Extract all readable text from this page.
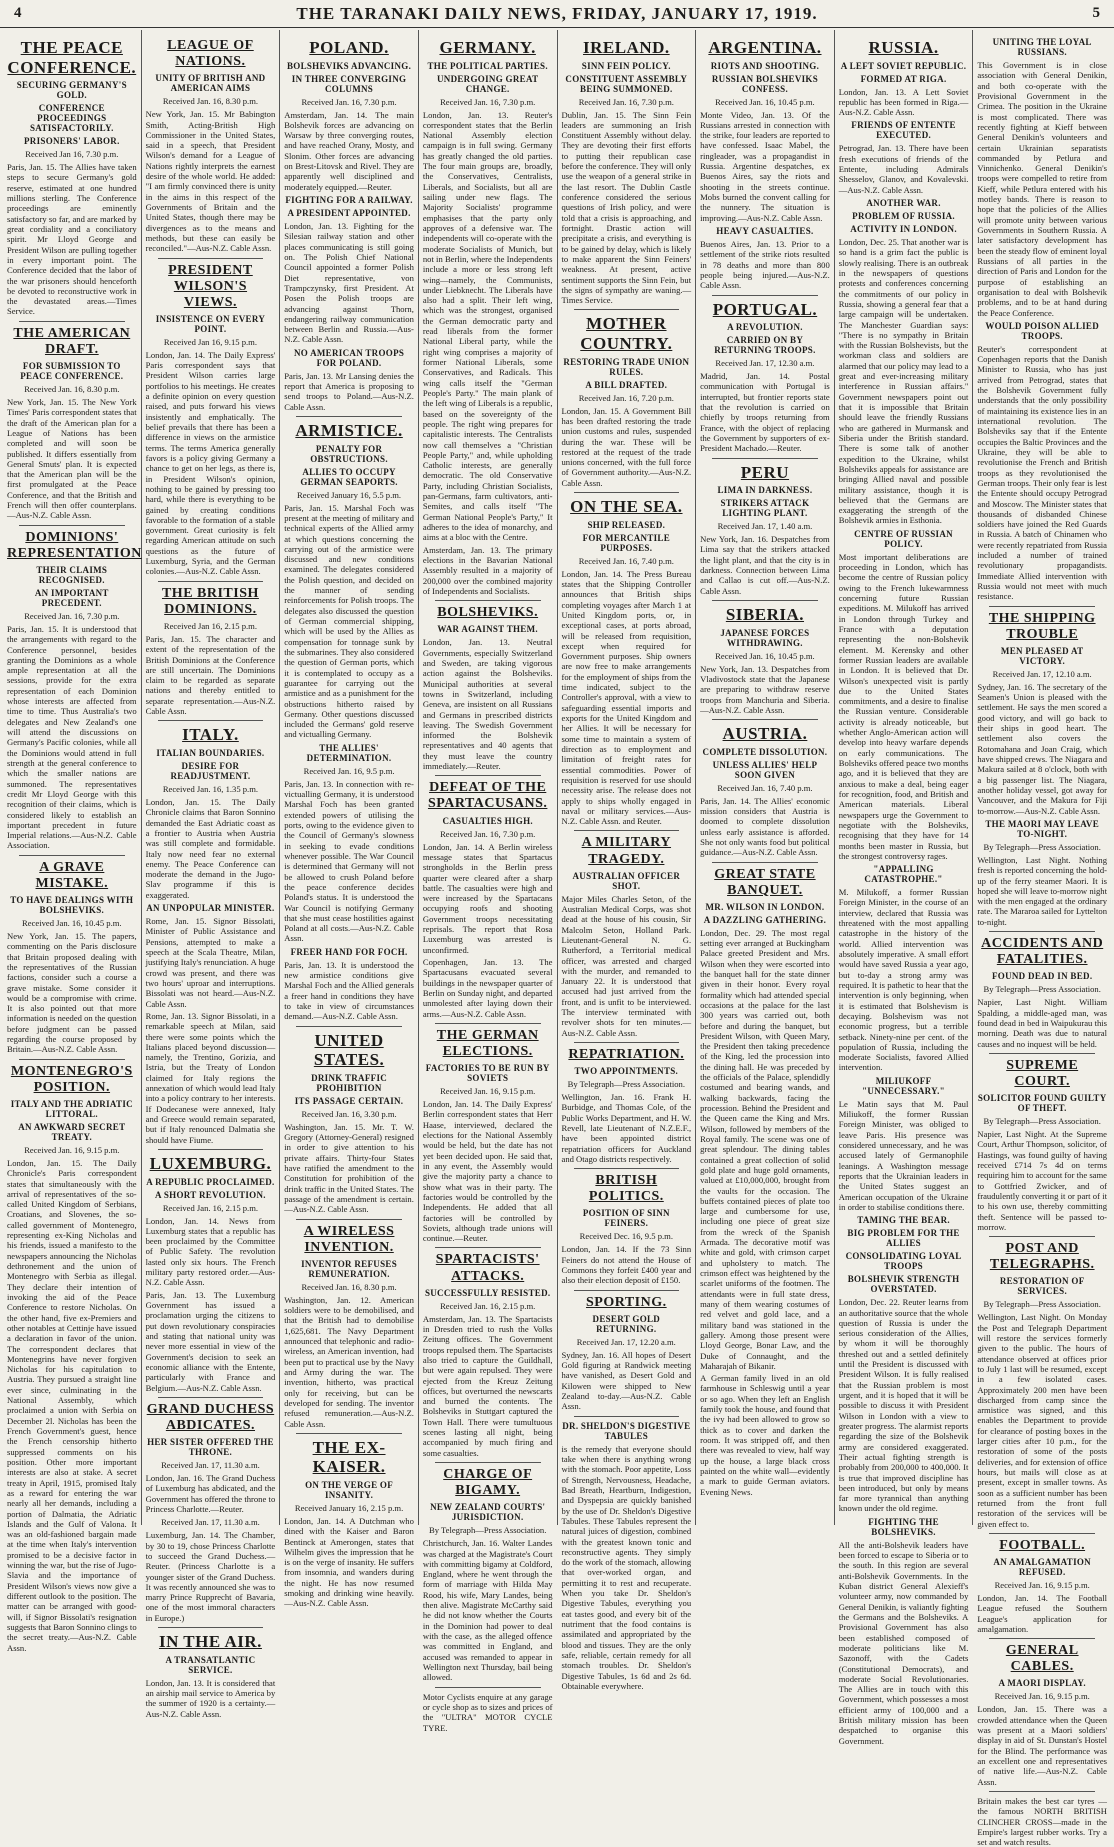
4	THE TARANAKI DAILY NEWS, FRIDAY, JANUARY 17, 1919.	5
THE PEACE CONFERENCE.
SECURING GERMANY'S GOLD.
CONFERENCE PROCEEDINGS SATISFACTORILY.
PRISONERS' LABOR.
Received Jan 16, 7.30 p.m.

Paris, Jan. 15. The Allies have taken steps to secure Germany's gold reserve, estimated at one hundred millions sterling. The Conference proceedings are eminently satisfactory so far, and are marked by great cordiality and a conciliatory spirit. Mr Lloyd George and President Wilson are pulling together in every important point. The Conference decided that the labor of the war prisoners should henceforth be devoted to reconstructive work in the devastated areas.—Times Service.

THE AMERICAN DRAFT.
FOR SUBMISSION TO PEACE CONFERENCE.
Received Jan. 16, 8.30 p.m.

New York, Jan. 15. The New York Times' Paris correspondent states that the draft of the American plan for a League of Nations has been completed and will soon be published. It differs essentially from General Smuts' plan. It is expected that the American plan will be the first promulgated at the Peace Conference, and that the British and French will then offer counterplans.—Aus-N.Z. Cable Assn.

DOMINIONS' REPRESENTATION
THEIR CLAIMS RECOGNISED.
AN IMPORTANT PRECEDENT.
Received Jan. 16, 7.30 p.m.

Paris, Jan. 15. It is understood that the arrangements with regard to the Conference personnel, besides granting the Dominions as a whole ample representation at all the sessions, provide for the extra representation of each Dominion whose interests are affected from time to time. Thus Australia's two delegates and New Zealand's one will attend the discussions on Germany's Pacific colonies, while all the Dominions would attend in full strength at the general conference to which the smaller nations are summoned. The representatives credit Mr Lloyd George with this recognition of their claims, which is considered likely to establish an important precedent in future Imperial relations.—Aus-N.Z. Cable Association.

A GRAVE MISTAKE.
TO HAVE DEALINGS WITH BOLSHEVIKS.
Received Jan. 16, 10.45 p.m.

New York, Jan. 15. The papers, commenting on the Paris disclosure that Britain proposed dealing with the representatives of the Russian factions, consider such a course a grave mistake. Some consider it would be a compromise with crime. It is also pointed out that more information is needed on the question before judgment can be passed regarding the course proposed by Britain.—Aus-N.Z. Cable Assn.

MONTENEGRO'S POSITION.
ITALY AND THE ADRIATIC LITTORAL.
AN AWKWARD SECRET TREATY.
Received Jan. 16, 9.15 p.m.

London, Jan. 15. The Daily Chronicle's Paris correspondent states that simultaneously with the arrival of representatives of the so-called United Kingdom of Serbians, Croatians, and Slovenes, the so-called government of Montenegro, representing ex-King Nicholas and his friends, issued a manifesto to the newspapers announcing the Nicholas dethronement and the union of Montenegro with Serbia as illegal. They declare their intention of invoking the aid of the Peace Conference to restore Nicholas. On the other hand, five ex-Premiers and other notables at Cettinje have issued a declaration in favor of the union. The correspondent declares that Montenegrins have never forgiven Nicholas for his capitulation to Austria. They pursued a straight line ever since, culminating in the National Assembly, which proclaimed a union with Serbia on December 2l. Nicholas has been the French Government's guest, hence the French censorship hitherto suppressed comments on his position. Other more important interests are also at stake. A secret treaty in April, 1915, promised Italy as a reward for entering the war nearly all her demands, including a portion of Dalmatia, the Adriatic Islands and the Gulf of Valona. It was an old-fashioned bargain made at the time when Italy's intervention promised to be a decisive factor in winning the war, but the rise of Jugo-Slavia and the importance of President Wilson's views now give a different outlook to the position. The matter can be arranged with good-will, if Signor Bissolati's resignation suggests that Baron Sonnino clings to the secret treaty.—Aus-N.Z. Cable Assn.

LEAGUE OF NATIONS.
UNITY OF BRITISH AND AMERICAN AIMS
Received Jan. 16, 8.30 p.m.

New York, Jan. 15. Mr Babington Smith, Acting-British High Commissioner in the United States, said in a speech, that President Wilson's demand for a League of Nations rightly interprets the earnest desire of the whole world. He added: "I am firmly convinced there is unity in the aims in this respect of the Governments of Britain and the United States, though there may be divergences as to the means and methods, but these can easily be reconciled."—Aus-N.Z. Cable Assn.

PRESIDENT WILSON'S VIEWS.
INSISTENCE ON EVERY POINT.
Received Jan 16, 9.15 p.m.

London, Jan. 14. The Daily Express' Paris correspondent says that President Wilson carries large portfolios to his meetings. He creates a definite opinion on every question raised, and puts forward his views insistently and emphatically. The belief prevails that there has been a difference in views on the armistice terms. The terms America generally favors is a policy giving Germany a chance to get on her legs, as there is, in President Wilson's opinion, nothing to be gained by pressing too hard, while there is everything to be gained by creating conditions favorable to the formation of a stable government. Great curiosity is felt regarding American attitude on such questions as the future of Luxemburg, Syria, and the German colonies.—Aus-N.Z. Cable Assn.

THE BRITISH DOMINIONS.
Received Jan 16, 2.15 p.m.

Paris, Jan. 15. The character and extent of the representation of the British Dominions at the Conference are still uncertain. The Dominions claim to be regarded as separate nations and thereby entitled to separate representation.—Aus-N.Z. Cable Assn.

ITALY.
ITALIAN BOUNDARIES.
DESIRE FOR READJUSTMENT.
Received Jan. 16, 1.35 p.m.

London, Jan. 15. The Daily Chronicle claims that Baron Sonnino demanded the East Adriatic coast as a frontier to Austria when Austria was still complete and formidable. Italy now need fear no external enemy. The Peace Conference can moderate the demand in the Jugo-Slav programme if this is exaggerated.

AN UNPOPULAR MINISTER.

Rome, Jan. 15. Signor Bissolati, Minister of Public Assistance and Pensions, attempted to make a speech at the Scala Theatre, Milan, justifying Italy's renunciation. A huge crowd was present, and there was two hours' uproar and interruptions. Bissolati was not heard.—Aus-N.Z. Cable Assn.

Rome, Jan. 13. Signor Bissolati, in a remarkable speech at Milan, said there were some points which the Italians placed beyond discussion—namely, the Trentino, Gorizia, and Istria, but the Treaty of London claimed for Italy regions the annexation of which would lead Italy into a policy contrary to her interests. If Dodecanese were annexed, Italy and Greece would remain separated, but if Italy renounced Dalmatia she should have Fiume.

LUXEMBURG.
A REPUBLIC PROCLAIMED.
A SHORT REVOLUTION.
Received Jan. 16, 2.15 p.m.

London, Jan. 14. News from Luxemburg states that a republic has been proclaimed by the Committee of Public Safety. The revolution lasted only six hours. The French military party restored order.—Aus-N.Z. Cable Assn.

Paris, Jan. 13. The Luxemburg Government has issued a proclamation urging the citizens to put down revolutionary conspiracies and stating that national unity was never more essential in view of the Government's decision to seek an economic alliance with the Entente, particularly with France and Belgium.—Aus-N.Z. Cable Assn.

GRAND DUCHESS ABDICATES.
HER SISTER OFFERED THE THRONE.
Received Jan. 17, 11.30 a.m.

London, Jan. 16. The Grand Duchess of Luxemburg has abdicated, and the Government has offered the throne to Princess Charlotte.—Reuter.

Received Jan. 17, 11.30 a.m.

Luxemburg, Jan. 14. The Chamber, by 30 to 19, chose Princess Charlotte to succeed the Grand Duchess.—Reuter. (Princess Charlotte is a younger sister of the Grand Duchess. It was recently announced she was to marry Prince Rupprecht of Bavaria, one of the most immoral characters in Europe.)

IN THE AIR.
A TRANSATLANTIC SERVICE.

London, Jan. 13. It is considered that an airship mail service to America by the summer of 1920 is a certainty.—Aus-N.Z. Cable Assn.

POLAND.
BOLSHEVIKS ADVANCING.
IN THREE CONVERGING COLUMNS
Received Jan. 16, 7.30 p.m.

Amsterdam, Jan. 14. The main Bolshevik forces are advancing on Warsaw by three converging routes, and have reached Orany, Mosty, and Slonim. Other forces are advancing on Brest-Litovsk and Rivel. They are apparently well disciplined and moderately equipped.—Reuter.

FIGHTING FOR A RAILWAY.
A PRESIDENT APPOINTED.

London, Jan. 13. Fighting for the Silesian railway station and other places communicating is still going on. The Polish Chief National Council appointed a former Polish Diet representative, von Trampczynsky, first President. At Posen the Polish troops are advancing against Thorn, endangering railway communication between Berlin and Russia.—Aus-N.Z. Cable Assn.

NO AMERICAN TROOPS FOR POLAND.

Paris, Jan. 13. Mr Lansing denies the report that America is proposing to send troops to Poland.—Aus-N.Z. Cable Assn.

ARMISTICE.
PENALTY FOR OBSTRUCTIONS.
ALLIES TO OCCUPY GERMAN SEAPORTS.
Received January 16, 5.5 p.m.

Paris, Jan. 15. Marshal Foch was present at the meeting of military and technical experts of the Allied army at which questions concerning the carrying out of the armistice were discussed and new conditions examined. The delegates considered the Polish question, and decided on the manner of sending reinforcements for Polish troops. The delegates also discussed the question of German commercial shipping, which will be used by the Allies as compensation for tonnage sunk by the submarines. They also considered the question of German ports, which it is contemplated to occupy as a guarantee for carrying out the armistice and as a punishment for the obstructions hitherto raised by Germany. Other questions discussed included the Germans' gold reserve and victualling Germany.

THE ALLIES' DETERMINATION.
Received Jan. 16, 9.5 p.m.

Paris, Jan. 13. In connection with re-victualling Germany, it is understood Marshal Foch has been granted extended powers of utilising the ports, owing to the evidence given to the Council of Germany's slowness in seeking to evade conditions whenever possible. The War Council is determined that Germany will not be allowed to crush Poland before the peace conference decides Poland's status. It is understood the War Council is notifying Germany that she must cease hostilities against Poland at all costs.—Aus-N.Z. Cable Assn.

FREER HAND FOR FOCH.

Paris, Jan. 13. It is understood the new armistice conditions give Marshal Foch and the Allied generals a freer hand in conditions they have to take in view of circumstances demand.—Aus-N.Z. Cable Assn.

UNITED STATES.
DRINK TRAFFIC PROHIBITION
ITS PASSAGE CERTAIN.
Received Jan. 16, 3.30 p.m.

Washington, Jan. 15. Mr. T. W. Gregory (Attorney-General) resigned in order to give attention to his private affairs. Thirty-four States have ratified the amendment to the Constitution for prohibition of the drink traffic in the United States. The passage of the amendment is certain.—Aus-N.Z. Cable Assn.

A WIRELESS INVENTION.
INVENTOR REFUSES REMUNERATION.
Received Jan. 16, 8.30 p.m.

Washington, Jan. 12. American soldiers were to be demobilised, and that the British had to demobilise 1,625,681. The Navy Department announced that telephonic and radio-wireless, an American invention, had been put to practical use by the Navy and Army during the war. The invention, hitherto, was practical only for receiving, but can be developed for sending. The inventor refused remuneration.—Aus-N.Z. Cable Assn.

THE EX-KAISER.
ON THE VERGE OF INSANITY.
Received January 16, 2.15 p.m.

London, Jan. 14. A Dutchman who dined with the Kaiser and Baron Bentinck at Amerongen, states that Wilhelm gives the impression that he is on the verge of insanity. He suffers from insomnia, and wanders during the night. He has now resumed smoking and drinking wine heavily.—Aus-N.Z. Cable Assn.

GERMANY.
THE POLITICAL PARTIES.
UNDERGOING GREAT CHANGE.
Received Jan. 16, 7.30 p.m.

London, Jan. 13. Reuter's correspondent states that the Berlin National Assembly election campaign is in full swing. Germany has greatly changed the old parties. The four main groups are, broadly, the Conservatives, Centralists, Liberals, and Socialists, but all are sailing under new flags. The Majority Socialists' programme emphasises that the party only approves of a defensive war. The independents will co-operate with the moderate Socialists of Munich, but not in Berlin, where the Independents include a more or less strong left wing—namely, the Communists, under Liebknecht. The Liberals have also had a split. Their left wing, which was the strongest, organised the German democratic party and read liberals from the former National Liberal party, while the right wing comprises a majority of former National Liberals, some Conservatives, and Radicals. This wing calls itself the "German People's Party." The main plank of the left wing of Liberals is a republic, based on the sovereignty of the people. The right wing prepares for capitalistic interests. The Centralists now call themselves a "Christian People Party," and, while upholding Catholic interests, are generally democratic. The old Conservative Party, including Christian Socialists, pan-Germans, farm cultivators, anti-Semites, and calls itself "The German National People's Party," It adheres to the idea of monarchy, and aims at a bloc with the Centre.

Amsterdam, Jan. 13. The primary elections in the Bavarian National Assembly resulted in a majority of 200,000 over the combined majority of Independents and Socialists.

BOLSHEVIKS.
WAR AGAINST THEM.

London, Jan. 13. Neutral Governments, especially Switzerland and Sweden, are taking vigorous action against the Bolsheviks. Municipal authorities at several towns in Switzerland, including Geneva, are insistent on all Russians and Germans in prescribed districts leaving. The Swedish Government informed the Bolshevik representatives and 40 agents that they must leave the country immediately.—Reuter.

DEFEAT OF THE SPARTACUSANS.
CASUALTIES HIGH.
Received Jan. 16, 7.30 p.m.

London, Jan. 14. A Berlin wireless message states that Spartacus strongholds in the Berlin press quarter were cleared after a sharp battle. The casualties were high and were increased by the Spartacans occupying roofs and shooting Government troops necessitating reprisals. The report that Rosa Luxemburg was arrested is unconfirmed.

Copenhagen, Jan. 13. The Spartacusans evacuated several buildings in the newspaper quarter of Berlin on Sunday night, and departed unmolested after laying down their arms.—Aus-N.Z. Cable Assn.

THE GERMAN ELECTIONS.
FACTORIES TO BE RUN BY SOVIETS
Received Jan. 16, 9.15 p.m.

London, Jan. 14. The Daily Express' Berlin correspondent states that Herr Haase, interviewed, declared the elections for the National Assembly would be held, but the date has not yet been decided upon. He said that, in any event, the Assembly would give the majority party a chance to show what was in their party. The factories would be controlled by the Independents. He added that all factories will be controlled by Soviets, although trade unions will continue.—Reuter.

SPARTACISTS' ATTACKS.
SUCCESSFULLY RESISTED.
Received Jan. 16, 2.15 p.m.

Amsterdam, Jan. 13. The Spartacists in Dresden tried to rush the Volks Zeitung offices. The Government troops repulsed them. The Spartacists also tried to capture the Guildhall, but were again repulsed. They were ejected from the Kreuz Zeitung offices, but overturned the newscarts and burned the contents. The Bolsheviks in Stuttgart captured the Town Hall. There were tumultuous scenes lasting all night, being accompanied by much firing and some casualties.

CHARGE OF BIGAMY.
NEW ZEALAND COURTS' JURISDICTION.
By Telegraph—Press Association.

Christchurch, Jan. 16. Walter Landes was charged at the Magistrate's Court with committing bigamy at Coldford, England, where he went through the form of marriage with Hilda May Rood, his wife, Mary Landes, being then alive. Magistrate McCarthy said he did not know whether the Courts in the Dominion had power to deal with the case, as the alleged offence was committed in England, and accused was remanded to appear in Wellington next Thursday, bail being allowed.

Motor Cyclists enquire at any garage or cycle shop as to sizes and prices of the "ULTRA" MOTOR CYCLE TYRE.

IRELAND.
SINN FEIN POLICY.
CONSTITUENT ASSEMBLY BEING SUMMONED.
Received Jan. 16, 7.30 p.m.

Dublin, Jan. 15. The Sinn Fein leaders are summoning an Irish Constituent Assembly without delay. They are devoting their first efforts to putting their republican case before the conference. They will only use the weapon of a general strike in the last resort. The Dublin Castle conference considered the serious questions of Irish policy, and were told that a crisis is approaching, and fortnight. Drastic action will precipitate a crisis, and everything is to be gained by delay, which is likely to make apparent the Sinn Feiners' weakness. At present, active sentiment supports the Sinn Fein, but the signs of sympathy are waning.—Times Service.

MOTHER COUNTRY.
RESTORING TRADE UNION RULES.
A BILL DRAFTED.
Received Jan. 16, 7.20 p.m.

London, Jan. 15. A Government Bill has been drafted restoring the trade union customs and rules, suspended during the war. These will be restored at the request of the trade unions concerned, with the full force of Government authority.—Aus-N.Z. Cable Assn.

ON THE SEA.
SHIP RELEASED.
FOR MERCANTILE PURPOSES.
Received Jan. 16, 7.40 p.m.

London, Jan. 14. The Press Bureau states that the Shipping Controller announces that British ships completing voyages after March 1 at United Kingdom ports, or, in exceptional cases, at ports abroad, will be released from requisition, except when required for Government purposes. Ship owners are now free to make arrangements for the employment of ships from the time indicated, subject to the Controller's approval, with a view to safeguarding essential imports and exports for the United Kingdom and her Allies. It will be necessary for some time to maintain a system of direction as to employment and limitation of freight rates for essential commodities. Power of requisition is reserved for use should necessity arise. The release does not apply to ships wholly engaged in naval or military services.—Aus-N.Z. Cable Assn. and Reuter.

A MILITARY TRAGEDY.
AUSTRALIAN OFFICER SHOT.

Major Miles Charles Seton, of the Australian Medical Corps, was shot dead at the house of his cousin, Sir Malcolm Seton, Holland Park. Lieutenant-General N. G. Rutherford, a Territorial medical officer, was arrested and charged with the murder, and remanded to January 22. It is understood that accused had just arrived from the front, and is unfit to be interviewed. The interview terminated with revolver shots for ten minutes.—Aus-N.Z. Cable Assn.

REPATRIATION.
TWO APPOINTMENTS.
By Telegraph—Press Association.

Wellington, Jan. 16. Frank H. Burbidge, and Thomas Cole, of the Public Works Department, and H. W. Revell, late Lieutenant of N.Z.E.F., have been appointed district repatriation officers for Auckland and Otago districts respectively.

BRITISH POLITICS.
POSITION OF SINN FEINERS.
Received Dec. 16, 9.5 p.m.

London, Jan. 14. If the 73 Sinn Feiners do not attend the House of Commons they forfeit £400 year and also their election deposit of £150.

SPORTING.
DESERT GOLD RETURNING.
Received Jan. 17, 12.20 a.m.

Sydney, Jan. 16. All hopes of Desert Gold figuring at Randwick meeting have vanished, as Desert Gold and Kilowen were shipped to New Zealand to-day.—Aus-N.Z. Cable Assn.

DR. SHELDON'S DIGESTIVE TABULES

is the remedy that everyone should take when there is anything wrong with the stomach. Poor appetite, Loss of Strength, Nervousness, Headache, Bad Breath, Heartburn, Indigestion, and Dyspepsia are quickly banished by the use of Dr. Sheldon's Digestive Tabules. These Tabules represent the natural juices of digestion, combined with the greatest known tonic and reconstructive agents. They simply do the work of the stomach, allowing that over-worked organ, and permitting it to rest and recuperate. When you take Dr. Sheldon's Digestive Tabules, everything you eat tastes good, and every bit of the nutriment that the food contains is assimilated and appropriated by the blood and tissues. They are the only safe, reliable, certain remedy for all stomach troubles. Dr. Sheldon's Digestive Tabules, 1s 6d and 2s 6d. Obtainable everywhere.

ARGENTINA.
RIOTS AND SHOOTING.
RUSSIAN BOLSHEVIKS CONFESS.
Received Jan. 16, 10.45 p.m.

Monte Video, Jan. 13. Of the Russians arrested in connection with the strike, four leaders are reported to have confessed. Isaac Mabel, the ringleader, was a propagandist in Russia. Argentine despatches, ex Buenos Aires, say the riots and shooting in the streets continue. Mobs burned the convent calling for the nunnery. The situation is improving.—Aus-N.Z. Cable Assn.

HEAVY CASUALTIES.

Buenos Aires, Jan. 13. Prior to a settlement of the strike riots resulted in 78 deaths and more than 800 people being injured.—Aus-N.Z. Cable Assn.

PORTUGAL.
A REVOLUTION.
CARRIED ON BY RETURNING TROOPS.
Received Jan. 17, 12.30 a.m.

Madrid, Jan. 14. Postal communication with Portugal is interrupted, but frontier reports state that the revolution is carried on chiefly by troops returning from France, with the object of replacing the Government by supporters of ex-President Machado.—Reuter.

PERU
LIMA IN DARKNESS.
STRIKERS ATTACK LIGHTING PLANT.
Received Jan. 17, 1.40 a.m.

New York, Jan. 16. Despatches from Lima say that the strikers attacked the light plant, and that the city is in darkness. Connection between Lima and Callao is cut off.—Aus-N.Z. Cable Assn.

SIBERIA.
JAPANESE FORCES WITHDRAWING.
Received Jan. 16, 10.45 p.m.

New York, Jan. 13. Despatches from Vladivostock state that the Japanese are preparing to withdraw reserve troops from Manchuria and Siberia.—Aus-N.Z. Cable Assn.

AUSTRIA.
COMPLETE DISSOLUTION.
UNLESS ALLIES' HELP SOON GIVEN
Received Jan. 16, 7.40 p.m.

Paris, Jan. 14. The Allies' economic mission considers that Austria is doomed to complete dissolution unless early assistance is afforded. She not only wants food but political guidance.—Aus-N.Z. Cable Assn.

GREAT STATE BANQUET.
MR. WILSON IN LONDON.
A DAZZLING GATHERING.

London, Dec. 29. The most regal setting ever arranged at Buckingham Palace greeted President and Mrs. Wilson when they were escorted into the banquet hall for the state dinner given in their honor. Every royal formality which had attended special occasions at the palace for the last 300 years was carried out, both before and during the banquet, but President Wilson, with Queen Mary, the President then taking precedence of the King, led the procession into the dining hall. He was preceded by the officials of the Palace, splendidly costumed and bearing wands, and walking backwards, facing the procession. Behind the President and the Queen came the King and Mrs. Wilson, followed by members of the Royal family. The scene was one of great splendour. The dining tables contained a great collection of solid gold plate and huge gold ornaments, valued at £10,000,000, brought from the vaults for the occasion. The buffets contained pieces of plate too large and cumbersome for use, including one piece of great size from the wreck of the Spanish Armada. The decorative motif was white and gold, with crimson carpet and upholstery to match. The crimson effect was heightened by the scarlet uniforms of the footmen. The attendants were in full state dress, many of them wearing costumes of red velvet and gold lace, and a military band was stationed in the gallery. Among those present were Lloyd George, Bonar Law, and the Duke of Connaught, and the Maharajah of Bikanir.

A German family lived in an old farmhouse in Schleswig until a year or so ago. When they left an English family took the house, and found that the ivy had been allowed to grow so thick as to cover and darken the room. It was stripped off, and then there was revealed to view, half way up the house, a large black cross painted on the white wall—evidently a mark to guide German aviators. Evening News.

RUSSIA.
A LEFT SOVIET REPUBLIC.
FORMED AT RIGA.

London, Jan. 13. A Lett Soviet republic has been formed in Riga.—Aus-N.Z. Cable Assn.

FRIENDS OF ENTENTE EXECUTED.

Petrograd, Jan. 13. There have been fresh executions of friends of the Entente, including Admirals Shesselov, Glanov, and Kovalevski.—Aus-N.Z. Cable Assn.

ANOTHER WAR.
PROBLEM OF RUSSIA.
ACTIVITY IN LONDON.

London, Dec. 25. That another war is so hand is a grim fact the public is slowly realising. There is an outbreak in the newspapers of questions protests and conferences concerning the commitments of our policy in Russia, showing a general fear that a large campaign will be undertaken. The Manchester Guardian says: "There is no sympathy in Britain with the Russian Bolshevists, but the workman class and soldiers are alarmed that our policy may lead to a great and ever-increasing military interference in Russian affairs." Government newspapers point out that it is impossible that Britain should leave the friendly Russians who are gathered in Murmansk and Siberia under the British standard. There is some talk of another expedition to the Ukraine, whilst Bolsheviks appeals for assistance are bringing Allied naval and possible military assistance, though it is believed that the Germans are exaggerating the strength of the Bolshevik armies in Esthonia.

CENTRE OF RUSSIAN POLICY.

Most important deliberations are proceeding in London, which has become the centre of Russian policy owing to the French lukewarmness concerning future Russian expeditions. M. Milukoff has arrived in London through Turkey and France with a deputation representing the non-Bolshevik element. M. Kerensky and other former Russian leaders are available in London. It is believed that Dr. Wilson's unexpected visit is partly due to the United States commitments, and a desire to finalise the Russian venture. Considerable activity is already noticeable, but whether Anglo-American action will develop into heavy warfare depends on early communications. The Bolsheviks offered peace two months ago, and it is believed that they are anxious to make a deal, being eager for recognition, food, and British and American materials. Liberal newspapers urge the Government to negotiate with the Bolsheviks, recognising that they have for 14 months been master in Russia, but the strongest controversy rages.

"APPALLING CATASTROPHE."

M. Milukoff, a former Russian Foreign Minister, in the course of an interview, declared that Russia was threatened with the most appalling catastrophe in the history of the world. Allied intervention was absolutely imperative. A small effort would have saved Russia a year ago, but to-day a strong army was required. It is pathetic to hear that the intervention is only beginning, when it is estimated that Bolshevism is decaying. Bolshevism was not economic progress, but a terrible setback. Ninety-nine per cent. of the population of Russia, including the moderate Socialists, favored Allied intervention.

MILIUKOFF "UNNECESSARY."

Le Matin says that M. Paul Miliukoff, the former Russian Foreign Minister, was obliged to leave Paris. His presence was considered unnecessary, and he was accused lately of Germanophile leanings. A Washington message reports that the Ukrainian leaders in the United States suggest an American occupation of the Ukraine in order to stabilise conditions there.

TAMING THE BEAR.
BIG PROBLEM FOR THE ALLIES
CONSOLIDATING LOYAL TROOPS
BOLSHEVIK STRENGTH OVERSTATED.

London, Dec. 22. Reuter learns from an authoritative source that the whole question of Russia is under the serious consideration of the Allies, by whom it will be thoroughly threshed out and a settled definitely until the President is discussed with President Wilson. It is fully realised that the Russian problem is most urgent, and it is hoped that it will be possible to discuss it with President Wilson in London with a view to greater progress. The alarmist reports regarding the size of the Bolshevik army are considered exaggerated. Their actual fighting strength is probably from 200,000 to 400,000. It is true that improved discipline has been introduced, but only by means far more tyrannical than anything known under the old regime.

FIGHTING THE BOLSHEVIKS.

All the anti-Bolshevik leaders have been forced to escape to Siberia or to the south. In this region are several anti-Bolshevik Governments. In the Kuban district General Alexieff's volunteer army, now commanded by General Denikin, is valiantly fighting the Germans and the Bolsheviks. A Provisional Government has also been established composed of moderate politicians like M. Sazonoff, with the Cadets (Constitutional Democrats), and moderate Social Revolutionaries. The Allies are in touch with this Government, which possesses a most efficient army of 100,000 and a British military mission has been despatched to organise this Government.

UNITING THE LOYAL RUSSIANS.

This Government is in close association with General Denikin, and both co-operate with the Provisional Government in the Crimea. The position in the Ukraine is most complicated. There was recently fighting at Kieff between General Denikin's volunteers and certain Ukrainian separatists commanded by Petlura and Vinnichenko. General Denikin's troops were compelled to retire from Kieff, while Petlura entered with his motley bands. There is reason to hope that the policies of the Allies will promote unity between various Governments in Southern Russia. A later satisfactory development has been the steady flow of eminent loyal Russians of all parties in the direction of Paris and London for the purpose of establishing an organisation to deal with Bolshevik problems, and to be at hand during the Peace Conference.

WOULD POISON ALLIED TROOPS.

Reuter's correspondent at Copenhagen reports that the Danish Minister to Russia, who has just arrived from Petrograd, states that the Bolshevik Government fully understands that the only possibility of maintaining its existence lies in an international revolution. The Bolsheviks say that if the Entente occupies the Baltic Provinces and the Ukraine, they will be able to revolutionise the French and British troops as they revolutionised the German troops. Their only fear is lest the Entente should occupy Petrograd and Moscow. The Minister states that thousands of disbanded Chinese soldiers have joined the Red Guards in Russia. A batch of Chinamen who were recently repatriated from Russia included a number of trained revolutionary propagandists. Immediate Allied intervention with Russia would not meet with much resistance.

THE SHIPPING TROUBLE
MEN PLEASED AT VICTORY.
Received Jan. 17, 12.10 a.m.

Sydney, Jan. 16. The secretary of the Seamen's Union is pleased with the settlement. He says the men scored a good victory, and will go back to their ships in good heart. The settlement also covers the Rotomahana and Joan Craig, which have shipped crews. The Niagara and Makura sailed at 8 o'clock, both with a big passenger list. The Niagara, another holiday vessel, got away for Vancouver, and the Makura for Fiji to-morrow.—Aus-N.Z. Cable Assn.

THE MAORI MAY LEAVE TO-NIGHT.
By Telegraph—Press Association.

Wellington, Last Night. Nothing fresh is reported concerning the hold-up of the ferry steamer Maori. It is hoped she will leave to-morrow night with the men engaged at the ordinary rate. The Mararoa sailed for Lyttelton to-night.

ACCIDENTS AND FATALITIES.
FOUND DEAD IN BED.
By Telegraph—Press Association.

Napier, Last Night. William Spalding, a middle-aged man, was found dead in bed in Waipukurau this morning. Death was due to natural causes and no inquest will be held.

SUPREME COURT.
SOLICITOR FOUND GUILTY OF THEFT.
By Telegraph—Press Association.

Napier, Last Night. At the Supreme Court, Arthur Thompson, solicitor, of Hastings, was found guilty of having received £714 7s 4d on terms requiring him to account for the same to Gottfried Zwicker, and of fraudulently converting it or part of it to his own use, thereby committing theft. Sentence will be passed to-morrow.

POST AND TELEGRAPHS.
RESTORATION OF SERVICES.
By Telegraph—Press Association.

Wellington, Last Night. On Monday the Post and Telegraph Department will restore the services formerly given to the public. The hours of attendance observed at offices prior to July 1 last will be resumed, except in a few isolated cases. Approximately 200 men have been discharged from camp since the armistice was signed, and this enables the Department to provide for clearance of posting boxes in the larger cities after 10 p.m., for the restoration of some of the posts deliveries, and for extension of office hours, but mails will close as at present, except in smaller towns. As soon as a sufficient number has been returned from the front full restoration of the services will be given effect to.

FOOTBALL.
AN AMALGAMATION REFUSED.
Received Jan. 16, 9.15 p.m.

London, Jan. 14. The Football League refused the Southern League's application for amalgamation.

GENERAL CABLES.
A MAORI DISPLAY.
Received Jan. 16, 9.15 p.m.

London, Jan. 15. There was a crowded attendance when the Queen was present at a Maori soldiers' display in aid of St. Dunstan's Hostel for the Blind. The performance was an excellent one and representatives of native life.—Aus-N.Z. Cable Assn.

Britain makes the best car tyres — the famous NORTH BRITISH CLINCHER CROSS—made in the Empire's largest rubber works. Try a set and watch results.
